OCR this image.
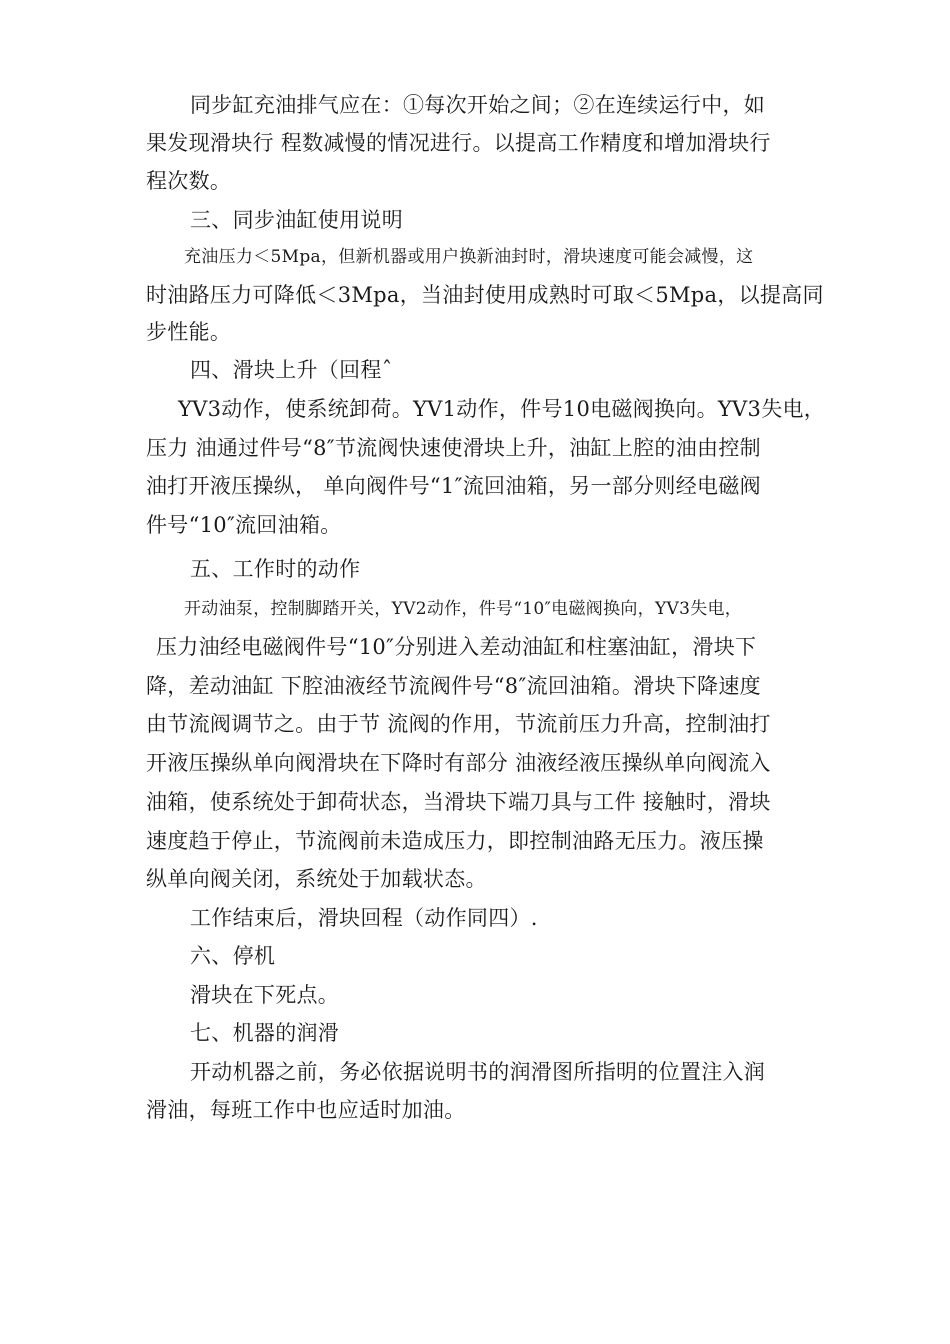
同步缸充油排气应在：①每次开始之间；②在连续运行中，如
果发现滑块行 程数减慢的情况进行。以提高工作精度和增加滑块行
程次数。
三、同步油缸使用说明
充油压力＜5Mpa，但新机器或用户换新油封时，滑块速度可能会减慢，这
时油路压力可降低＜3Mpa，当油封使用成熟时可取＜5Mpa，以提高同
步性能。
四、滑块上升（回程ˆ
YV3动作，使系统卸荷。YV1动作，件号10电磁阀换向。YV3失电，
压力 油通过件号“8″节流阀快速使滑块上升，油缸上腔的油由控制
油打开液压操纵， 单向阀件号“1″流回油箱，另一部分则经电磁阀
件号“10″流回油箱。
五、工作时的动作
开动油泵，控制脚踏开关，YV2动作，件号“10″电磁阀换向，YV3失电，
压力油经电磁阀件号“10″分别进入差动油缸和柱塞油缸，滑块下
降，差动油缸 下腔油液经节流阀件号“8″流回油箱。滑块下降速度
由节流阀调节之。由于节 流阀的作用，节流前压力升高，控制油打
开液压操纵单向阀滑块在下降时有部分 油液经液压操纵单向阀流入
油箱，使系统处于卸荷状态，当滑块下端刀具与工件 接触时，滑块
速度趋于停止，节流阀前未造成压力，即控制油路无压力。液压操
纵单向阀关闭，系统处于加载状态。
工作结束后，滑块回程（动作同四）.
六、停机
滑块在下死点。
七、机器的润滑
开动机器之前，务必依据说明书的润滑图所指明的位置注入润
滑油，每班工作中也应适时加油。
